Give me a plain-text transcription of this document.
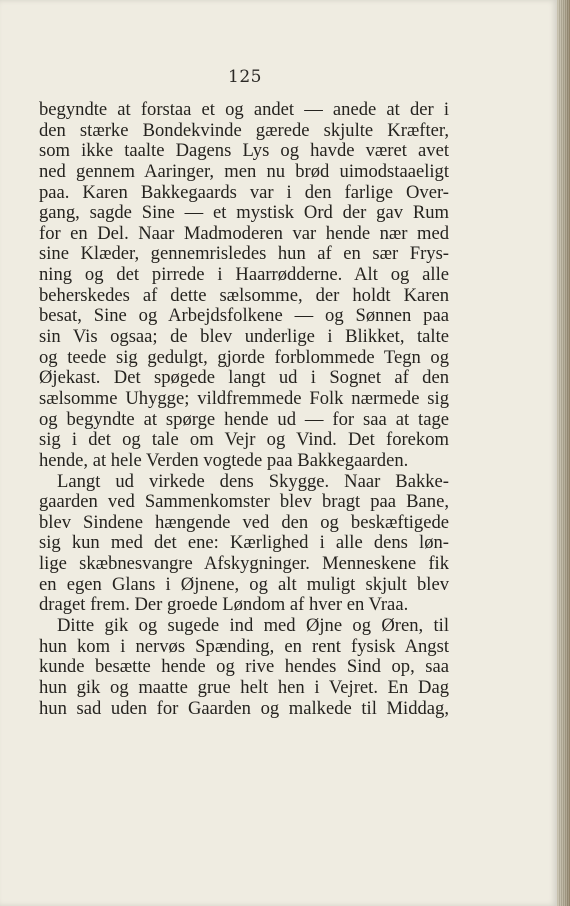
125
begyndte at forstaa et og andet — anede at der i
den stærke Bondekvinde gærede skjulte Kræfter,
som ikke taalte Dagens Lys og havde været avet
ned gennem Aaringer, men nu brød uimodstaaeligt
paa. Karen Bakkegaards var i den farlige Over-
gang, sagde Sine — et mystisk Ord der gav Rum
for en Del. Naar Madmoderen var hende nær med
sine Klæder, gennemrisledes hun af en sær Frys-
ning og det pirrede i Haarrødderne. Alt og alle
beherskedes af dette sælsomme, der holdt Karen
besat, Sine og Arbejdsfolkene — og Sønnen paa
sin Vis ogsaa; de blev underlige i Blikket, talte
og teede sig gedulgt, gjorde forblommede Tegn og
Øjekast. Det spøgede langt ud i Sognet af den
sælsomme Uhygge; vildfremmede Folk nærmede sig
og begyndte at spørge hende ud — for saa at tage
sig i det og tale om Vejr og Vind. Det forekom
hende, at hele Verden vogtede paa Bakkegaarden.
Langt ud virkede dens Skygge. Naar Bakke-
gaarden ved Sammenkomster blev bragt paa Bane,
blev Sindene hængende ved den og beskæftigede
sig kun med det ene: Kærlighed i alle dens løn-
lige skæbnesvangre Afskygninger. Menneskene fik
en egen Glans i Øjnene, og alt muligt skjult blev
draget frem. Der groede Løndom af hver en Vraa.
Ditte gik og sugede ind med Øjne og Øren, til
hun kom i nervøs Spænding, en rent fysisk Angst
kunde besætte hende og rive hendes Sind op, saa
hun gik og maatte grue helt hen i Vejret. En Dag
hun sad uden for Gaarden og malkede til Middag,
